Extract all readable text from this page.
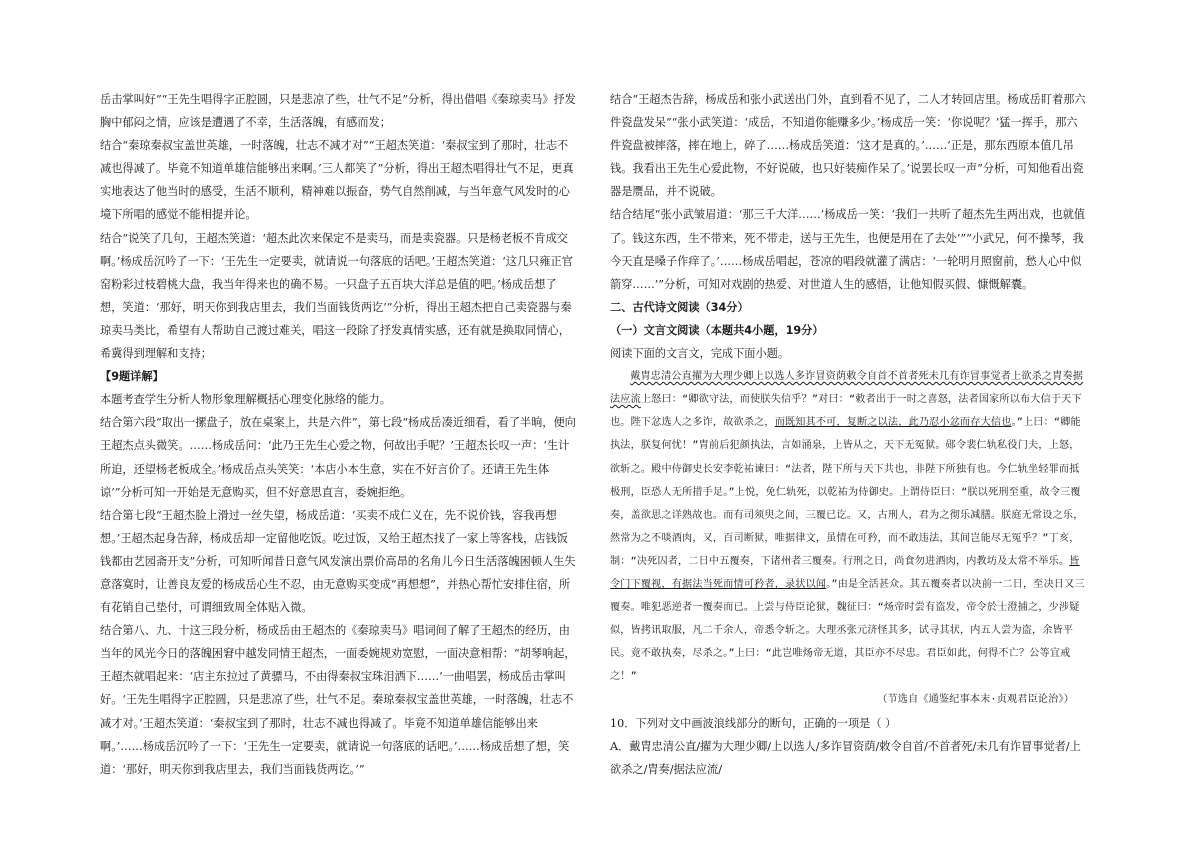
岳击掌叫好”“王先生唱得字正腔圆，只是悲凉了些，壮气不足”分析，得出借唱《秦琼卖马》抒发胸中郁闷之情，应该是遭遇了不幸，生活落魄，有感而发；

结合“秦琼秦叔宝盖世英雄，一时落魄，壮志不减才对”“王超杰笑道：‘秦叔宝到了那时，壮志不减也得减了。毕竟不知道单雄信能够出来啊。’三人都笑了”分析，得出王超杰唱得壮气不足，更真实地表达了他当时的感受，生活不顺利，精神难以振奋，势气自然削减，与当年意气风发时的心境下所唱的感觉不能相提并论。

结合“说笑了几句，王超杰笑道：‘超杰此次来保定不是卖马，而是卖瓷器。只是杨老板不肯成交啊。’杨成岳沉吟了一下：‘王先生一定要卖，就请说一句落底的话吧。’王超杰笑道：‘这几只雍正官窑粉彩过枝碧桃大盘，我当年得来也的确不易。一只盘子五百块大洋总是值的吧。’杨成岳想了想，笑道：‘那好，明天你到我店里去，我们当面钱货两讫’”分析，得出王超杰把自己卖瓷器与秦琼卖马类比，希望有人帮助自己渡过难关，唱这一段除了抒发真情实感，还有就是换取同情心，希冀得到理解和支持；

【9题详解】

本题考查学生分析人物形象理解概括心理变化脉络的能力。

结合第六段“取出一摞盘子，放在桌案上，共是六件”，第七段“杨成岳凑近细看，看了半晌，便向王超杰点头微笑。……杨成岳问：‘此乃王先生心爱之物，何故出手呢？’王超杰长叹一声：‘生计所迫，还望杨老板成全。’杨成岳点头笑笑：‘本店小本生意，实在不好言价了。还请王先生体谅’”分析可知一开始是无意购买，但不好意思直言，委婉拒绝。

结合第七段“王超杰脸上滑过一丝失望，杨成岳道：‘买卖不成仁义在，先不说价钱，容我再想想。’王超杰起身告辞，杨成岳却一定留他吃饭。吃过饭，又给王超杰找了一家上等客栈，店钱饭钱都由艺园斋开支”分析，可知听闻昔日意气风发演出票价高昂的名角儿今日生活落魄困顿人生失意落寞时，让善良友爱的杨成岳心生不忍，由无意购买变成“再想想”，并热心帮忙安排住宿，所有花销自己垫付，可谓细致周全体贴入微。

结合第八、九、十这三段分析，杨成岳由王超杰的《秦琼卖马》唱词间了解了王超杰的经历，由当年的风光今日的落魄困窘中越发同情王超杰，一面委婉规劝宽慰，一面决意相帮：“胡琴响起，王超杰就唱起来：‘店主东拉过了黄骠马，不由得秦叔宝珠泪洒下……’一曲唱罢，杨成岳击掌叫好。‘王先生唱得字正腔圆，只是悲凉了些，壮气不足。秦琼秦叔宝盖世英雄，一时落魄，壮志不减才对。’王超杰笑道：‘秦叔宝到了那时，壮志不减也得减了。毕竟不知道单雄信能够出来啊。’……杨成岳沉吟了一下：‘王先生一定要卖，就请说一句落底的话吧。’……杨成岳想了想，笑道：‘那好，明天你到我店里去，我们当面钱货两讫。’”

结合“王超杰告辞，杨成岳和张小武送出门外，直到看不见了，二人才转回店里。杨成岳盯着那六件瓷盘发呆”“张小武笑道：‘成岳，不知道你能赚多少。’杨成岳一笑：‘你说呢？’猛一挥手，那六件瓷盘被摔落，摔在地上，碎了……杨成岳笑道：‘这才是真的。’……‘正是，那东西原本值几吊钱。我看出王先生心爱此物，不好说破，也只好装痴作呆了。’说罢长叹一声”分析，可知他看出瓷器是赝品，并不说破。

结合结尾“张小武皱眉道：‘那三千大洋……’杨成岳一笑：‘我们一共听了超杰先生两出戏，也就值了。钱这东西，生不带来，死不带走，送与王先生，也便是用在了去处’”“小武兄，何不操琴，我今天直是嗓子作痒了。’……杨成岳唱起，苍凉的唱段就灌了满店：‘一轮明月照窗前，愁人心中似箭穿……’”分析，可知对戏剧的热爱、对世道人生的感悟，让他知假买假、慷慨解囊。

二、古代诗文阅读（34分）

（一）文言文阅读（本题共4小题，19分）

阅读下面的文言文，完成下面小题。

戴胄忠清公直擢为大理少卿上以选人多诈冒资荫敕令自首不首者死未几有诈冒事觉者上欲杀之胄奏据法应流上怒曰：“卿欲守法，而使朕失信乎？”对曰：“敕者出于一时之喜怒，法者国家所以布大信于天下也。陛下忿选人之多诈，故欲杀之，而既知其不可，复断之以法，此乃忍小忿而存大信也。”上曰：“卿能执法，朕复何忧！”胄前后犯颜执法，言如涌泉，上皆从之，天下无冤狱。郧令裴仁轨私役门夫，上怒，欲斩之。殿中侍御史长安李乾祐谏曰：“法者，陛下所与天下共也，非陛下所独有也。今仁轨坐轻罪而抵极刑，臣恐人无所措手足。”上悦，免仁轨死，以乾祐为侍御史。上谓侍臣曰：“朕以死刑至重，故令三覆奏，盖欲思之详熟故也。而有司须臾之间，三覆已讫。又，古刑人，君为之彻乐减膳。朕庭无常设之乐，然常为之不啖酒肉，又，百司断狱，唯据律文，虽情在可矜，而不敢违法，其间岂能尽无冤乎？”丁亥，制：“决死囚者，二日中五覆奏，下诸州者三覆奏。行刑之日，尚食勿进酒肉，内教坊及太常不举乐。皆令门下覆视，有据法当死而情可矜者，录状以闻。”由是全活甚众。其五覆奏者以决前一二日，至决日又三覆奏。唯犯恶逆者一覆奏而已。上尝与侍臣论狱，魏征曰：“炀帝时尝有盗发，帝令於士澄捕之，少涉疑似，皆拷讯取服，凡二千余人，帝悉令斩之。大理丞张元济怪其多，试寻其状，内五人尝为盗，余皆平民。竟不敢执奏，尽杀之。”上曰：“此岂唯炀帝无道，其臣亦不尽忠。君臣如此，何得不亡？公等宜戒之！”

（节选自《通鉴纪事本末·贞观君臣论治》）

10．下列对文中画波浪线部分的断句，正确的一项是（ ）

A．戴胄忠清公直/擢为大理少卿/上以选人/多诈冒资荫/敕令自首/不首者死/未几有诈冒事觉者/上欲杀之/胄奏/据法应流/
